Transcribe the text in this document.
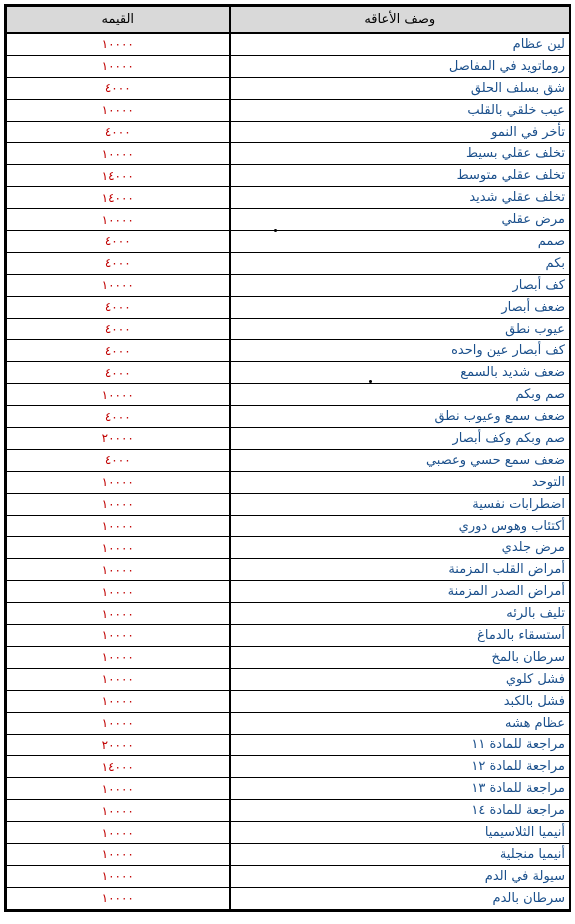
وصف الأعاقه	القيمه
لين عظام	١٠٠٠٠
روماتويد في المفاصل	١٠٠٠٠
شق بسلف الحلق	٤٠٠٠
عيب خلقي بالقلب	١٠٠٠٠
تأخر في النمو	٤٠٠٠
تخلف عقلي بسيط	١٠٠٠٠
تخلف عقلي متوسط	١٤٠٠٠
تخلف عقلي شديد	١٤٠٠٠
مرض عقلي	١٠٠٠٠
صمم	٤٠٠٠
بكم	٤٠٠٠
كف أبصار	١٠٠٠٠
ضعف أبصار	٤٠٠٠
عيوب نطق	٤٠٠٠
كف أبصار عين واحده	٤٠٠٠
ضعف شديد بالسمع	٤٠٠٠
صم وبكم	١٠٠٠٠
ضعف سمع وعيوب نطق	٤٠٠٠
صم وبكم وكف أبصار	٢٠٠٠٠
ضعف سمع حسي وعصبي	٤٠٠٠
التوحد	١٠٠٠٠
اضطرابات نفسية	١٠٠٠٠
أكتئاب وهوس دوري	١٠٠٠٠
مرض جلدي	١٠٠٠٠
أمراض القلب المزمنة	١٠٠٠٠
أمراض الصدر المزمنة	١٠٠٠٠
تليف بالرئه	١٠٠٠٠
أستسقاء بالدماغ	١٠٠٠٠
سرطان بالمخ	١٠٠٠٠
فشل كلوي	١٠٠٠٠
فشل بالكبد	١٠٠٠٠
عظام هشه	١٠٠٠٠
مراجعة للمادة ١١	٢٠٠٠٠
مراجعة للمادة ١٢	١٤٠٠٠
مراجعة للمادة ١٣	١٠٠٠٠
مراجعة للمادة ١٤	١٠٠٠٠
أنيميا الثلاسيميا	١٠٠٠٠
أنيميا منجلية	١٠٠٠٠
سيولة في الدم	١٠٠٠٠
سرطان بالدم	١٠٠٠٠
